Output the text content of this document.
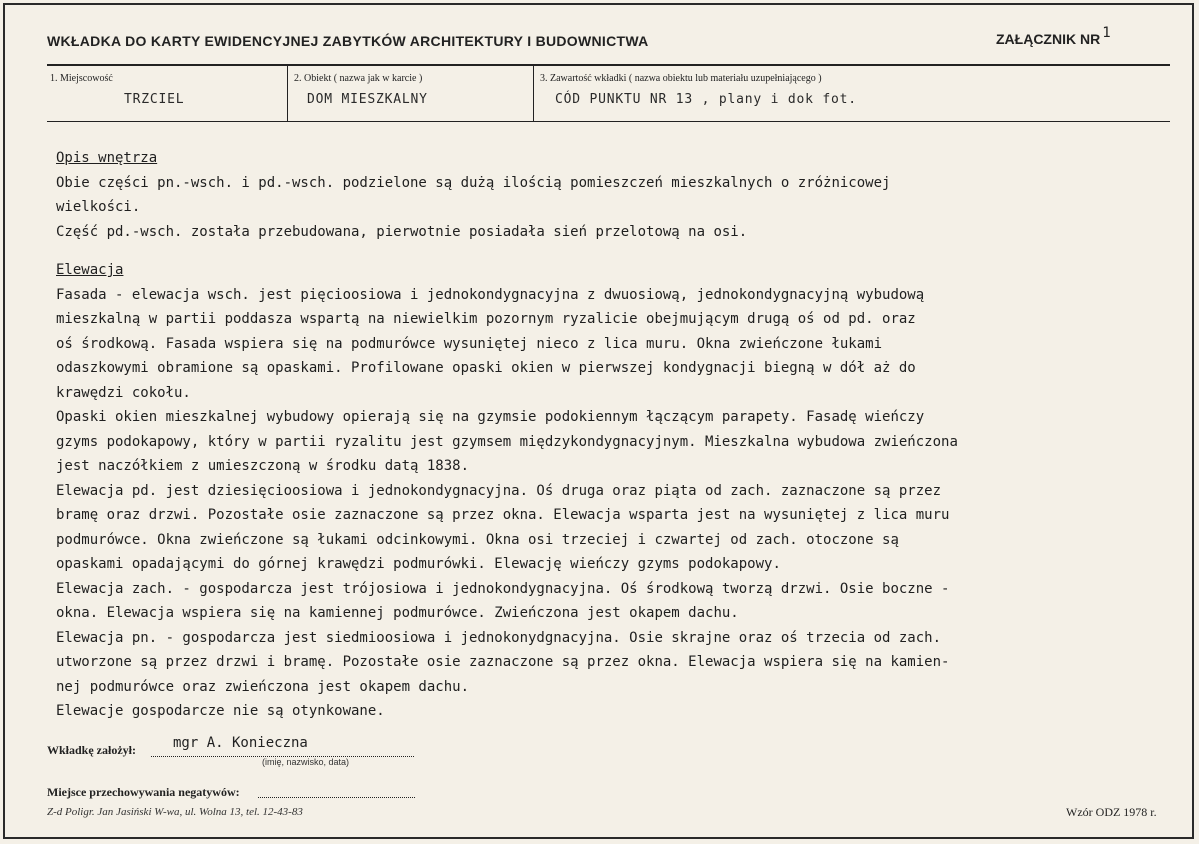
WKŁADKA DO KARTY EWIDENCYJNEJ ZABYTKÓW ARCHITEKTURY I BUDOWNICTWA	ZAŁĄCZNIK NR 1
1. Miejscowość
TRZCIEL
2. Obiekt ( nazwa jak w karcie )
DOM MIESZKALNY
3. Zawartość wkładki ( nazwa obiektu lub materiału uzupełniającego )
CÓD PUNKTU NR 13 , plany i dok fot.
Opis wnętrza
Obie części pn.-wsch. i pd.-wsch. podzielone są dużą ilością pomieszczeń mieszkalnych o zróżnicowej
wielkości.
Część pd.-wsch. została przebudowana, pierwotnie posiadała sień przelotową na osi.
Elewacja
Fasada - elewacja wsch. jest pięcioosiowa i jednokondygnacyjna z dwuosiową, jednokondygnacyjną wybudową
mieszkalną w partii poddasza wspartą na niewielkim pozornym ryzalicie obejmującym drugą oś od pd. oraz
oś środkową. Fasada wspiera się na podmurówce wysuniętej nieco z lica muru. Okna zwieńczone łukami
odaszkowymi obramione są opaskami. Profilowane opaski okien w pierwszej kondygnacji biegną w dół aż do
krawędzi cokołu.
Opaski okien mieszkalnej wybudowy opierają się na gzymsie podokiennym łączącym parapety. Fasadę wieńczy
gzyms podokapowy, który w partii ryzalitu jest gzymsem międzykondygnacyjnym. Mieszkalna wybudowa zwieńczona
jest naczółkiem z umieszczoną w środku datą 1838.
Elewacja pd. jest dziesięcioosiowa i jednokondygnacyjna. Oś druga oraz piąta od zach. zaznaczone są przez
bramę oraz drzwi. Pozostałe osie zaznaczone są przez okna. Elewacja wsparta jest na wysuniętej z lica muru
podmurówce. Okna zwieńczone są łukami odcinkowymi. Okna osi trzeciej i czwartej od zach. otoczone są
opaskami opadającymi do górnej krawędzi podmurówki. Elewację wieńczy gzyms podokapowy.
Elewacja zach. - gospodarcza jest trójosiowa i jednokondygnacyjna. Oś środkową tworzą drzwi. Osie boczne -
okna. Elewacja wspiera się na kamiennej podmurówce. Zwieńczona jest okapem dachu.
Elewacja pn. - gospodarcza jest siedmioosiowa i jednokonydgnacyjna. Osie skrajne oraz oś trzecia od zach.
utworzone są przez drzwi i bramę. Pozostałe osie zaznaczone są przez okna. Elewacja wspiera się na kamien-
nej podmurówce oraz zwieńczona jest okapem dachu.
Elewacje gospodarcze nie są otynkowane.
Wkładkę założył:	mgr A. Konieczna
(imię, nazwisko, data)
Miejsce przechowywania negatywów:
Z-d Poligr. Jan Jasiński W-wa, ul. Wolna 13, tel. 12-43-83	Wzór ODZ 1978 r.
